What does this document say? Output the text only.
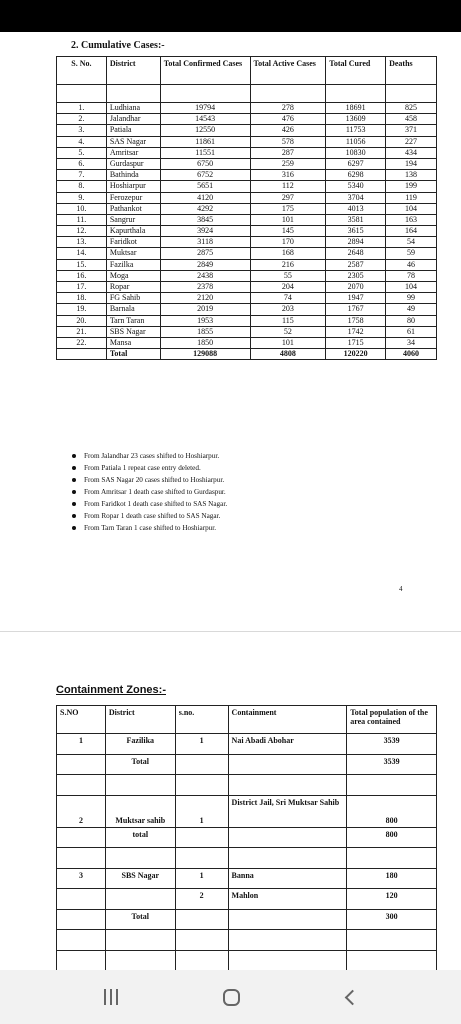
2. Cumulative Cases:-
S. No.	District	Total Confirmed Cases	Total Active Cases	Total Cured	Deaths

1.	Ludhiana	19794	278	18691	825
2.	Jalandhar	14543	476	13609	458
3.	Patiala	12550	426	11753	371
4.	SAS Nagar	11861	578	11056	227
5.	Amritsar	11551	287	10830	434
6.	Gurdaspur	6750	259	6297	194
7.	Bathinda	6752	316	6298	138
8.	Hoshiarpur	5651	112	5340	199
9.	Ferozepur	4120	297	3704	119
10.	Pathankot	4292	175	4013	104
11.	Sangrur	3845	101	3581	163
12.	Kapurthala	3924	145	3615	164
13.	Faridkot	3118	170	2894	54
14.	Muktsar	2875	168	2648	59
15.	Fazilka	2849	216	2587	46
16.	Moga	2438	55	2305	78
17.	Ropar	2378	204	2070	104
18.	FG Sahib	2120	74	1947	99
19.	Barnala	2019	203	1767	49
20.	Tarn Taran	1953	115	1758	80
21.	SBS Nagar	1855	52	1742	61
22.	Mansa	1850	101	1715	34
	Total	129088	4808	120220	4060
From Jalandhar 23 cases shifted to Hoshiarpur.
From Patiala 1 repeat case entry deleted.
From SAS Nagar 20 cases shifted to Hoshiarpur.
From Amritsar 1 death case shifted to Gurdaspur.
From Faridkot 1 death case shifted to SAS Nagar.
From Ropar 1 death case shifted to SAS Nagar.
From Tarn Taran 1 case shifted to Hoshiarpur.
4
Containment Zones:-
S.NO	District	s.no.	Containment	Total population of the area contained
1	Fazilika	1	Nai Abadi Abohar	3539
	Total			3539

2	Muktsar sahib	1	District Jail, Sri Muktsar Sahib	800
	total			800

3	SBS Nagar	1	Banna	180
		2	Mahlon	120
	Total			300
